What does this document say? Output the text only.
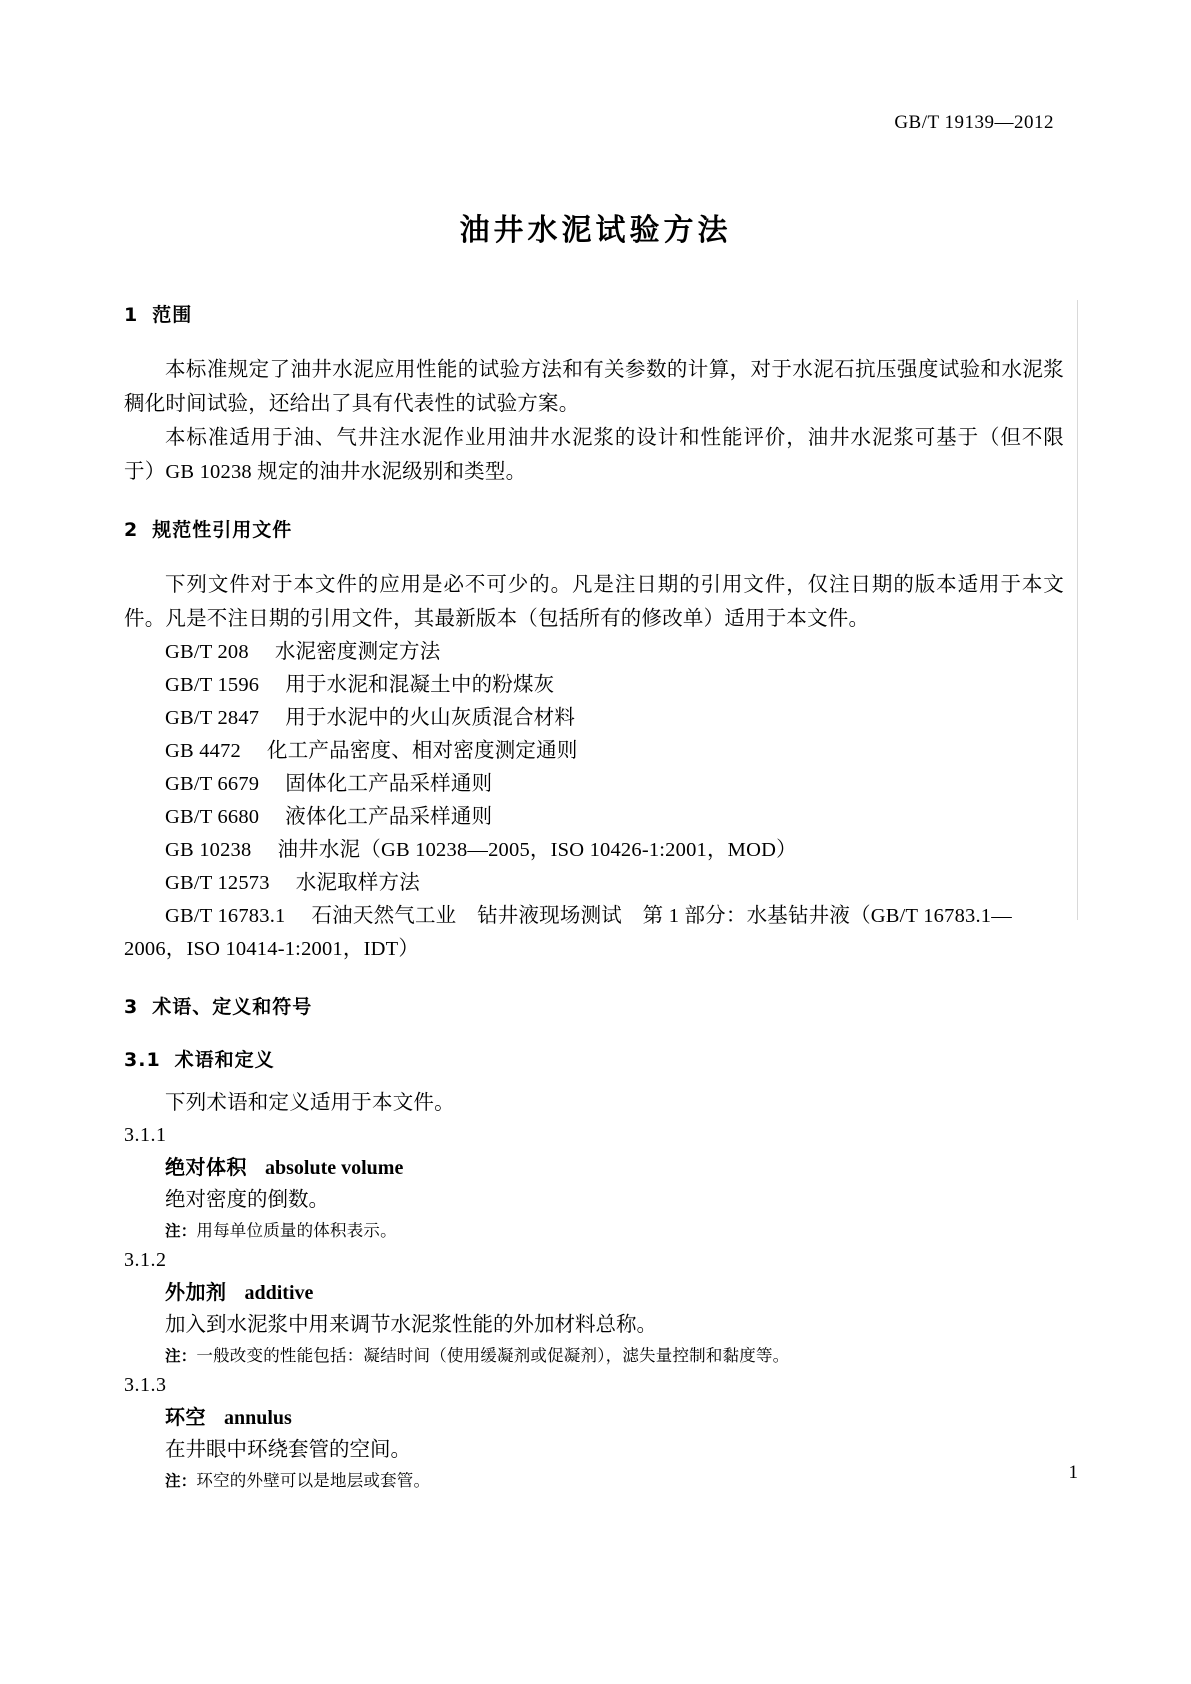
GB/T 19139—2012
油井水泥试验方法
1 范围
本标准规定了油井水泥应用性能的试验方法和有关参数的计算，对于水泥石抗压强度试验和水泥浆稠化时间试验，还给出了具有代表性的试验方案。
本标准适用于油、气井注水泥作业用油井水泥浆的设计和性能评价，油井水泥浆可基于（但不限于）GB 10238 规定的油井水泥级别和类型。
2 规范性引用文件
下列文件对于本文件的应用是必不可少的。凡是注日期的引用文件，仅注日期的版本适用于本文件。凡是不注日期的引用文件，其最新版本（包括所有的修改单）适用于本文件。
GB/T 208 水泥密度测定方法
GB/T 1596 用于水泥和混凝土中的粉煤灰
GB/T 2847 用于水泥中的火山灰质混合材料
GB 4472 化工产品密度、相对密度测定通则
GB/T 6679 固体化工产品采样通则
GB/T 6680 液体化工产品采样通则
GB 10238 油井水泥（GB 10238—2005，ISO 10426-1:2001，MOD）
GB/T 12573 水泥取样方法
GB/T 16783.1 石油天然气工业　钻井液现场测试　第 1 部分：水基钻井液（GB/T 16783.1—
2006，ISO 10414-1:2001，IDT）
3 术语、定义和符号
3.1 术语和定义
下列术语和定义适用于本文件。
3.1.1
绝对体积 absolute volume
绝对密度的倒数。
注：用每单位质量的体积表示。
3.1.2
外加剂 additive
加入到水泥浆中用来调节水泥浆性能的外加材料总称。
注：一般改变的性能包括：凝结时间（使用缓凝剂或促凝剂），滤失量控制和黏度等。
3.1.3
环空 annulus
在井眼中环绕套管的空间。
注：环空的外壁可以是地层或套管。	1
